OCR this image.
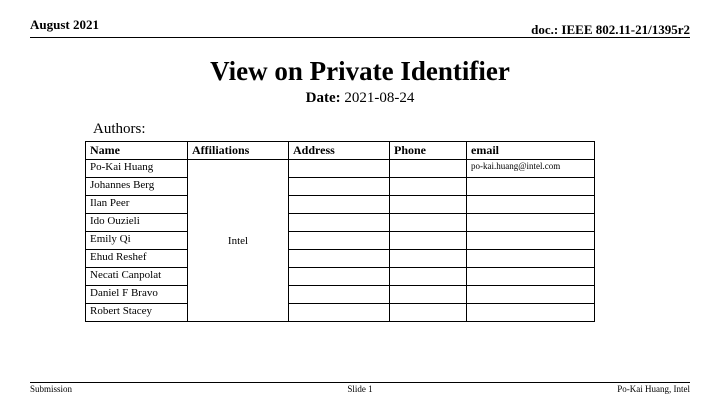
August 2021	doc.: IEEE 802.11-21/1395r2
View on Private Identifier
Date: 2021-08-24
Authors:
Name	Affiliations	Address	Phone	email
Po-Kai Huang	Intel			po-kai.huang@intel.com
Johannes Berg				
Ilan Peer				
Ido Ouzieli				
Emily Qi				
Ehud Reshef				
Necati Canpolat				
Daniel F Bravo				
Robert Stacey				
Submission	Slide 1	Po-Kai Huang, Intel
